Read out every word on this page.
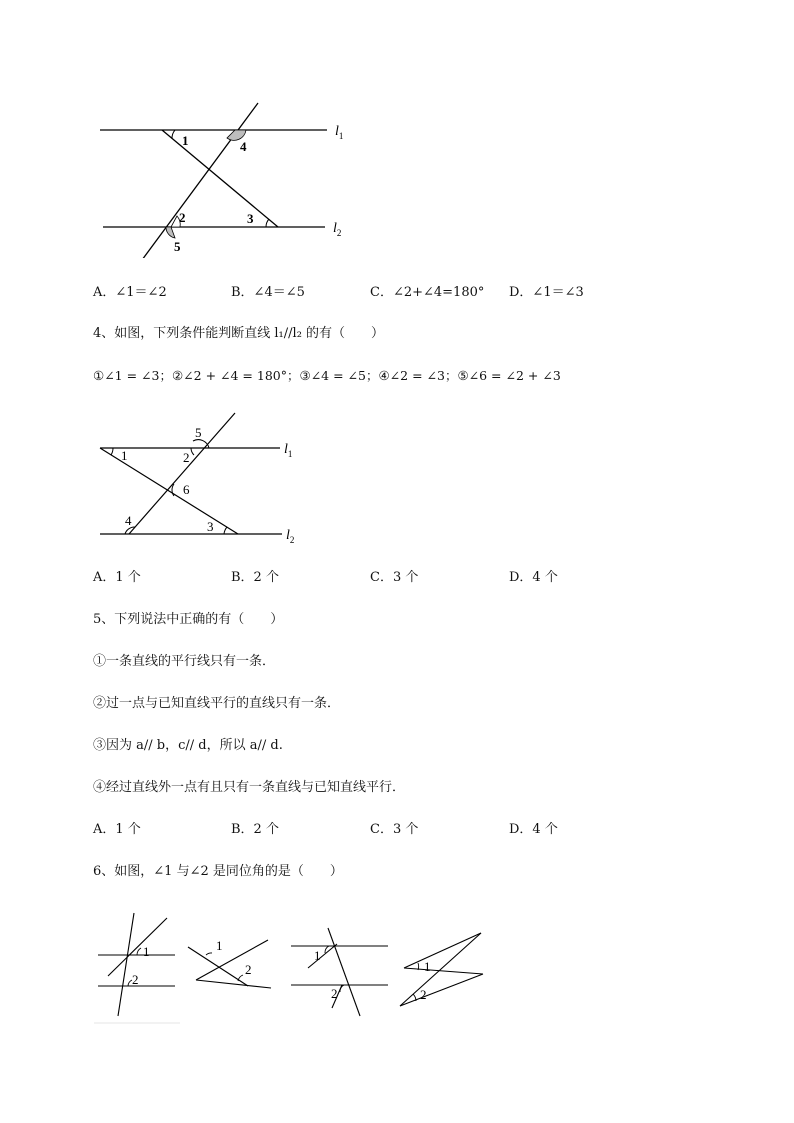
1	4
2	3
5
$l_1$
$l_2$
A．∠1＝∠2	B．∠4＝∠5	C．∠2+∠4=180° D．∠1＝∠3
4、如图，下列条件能判断直线 l₁//l₂ 的有（　　）
①∠1 = ∠3；②∠2 + ∠4 = 180°；③∠4 = ∠5；④∠2 = ∠3；⑤∠6 = ∠2 + ∠3
5
1	2
6
4	3
$l_1$
$l_2$
A．1 个	B．2 个	C．3 个	D．4 个
5、下列说法中正确的有（　　）
①一条直线的平行线只有一条．
②过一点与已知直线平行的直线只有一条．
③因为 a// b，c// d，所以 a// d.
④经过直线外一点有且只有一条直线与已知直线平行．
A．1 个	B．2 个	C．3 个	D．4 个
6、如图，∠1 与∠2 是同位角的是（　　）
1
2
1
2
1
2
1
2
